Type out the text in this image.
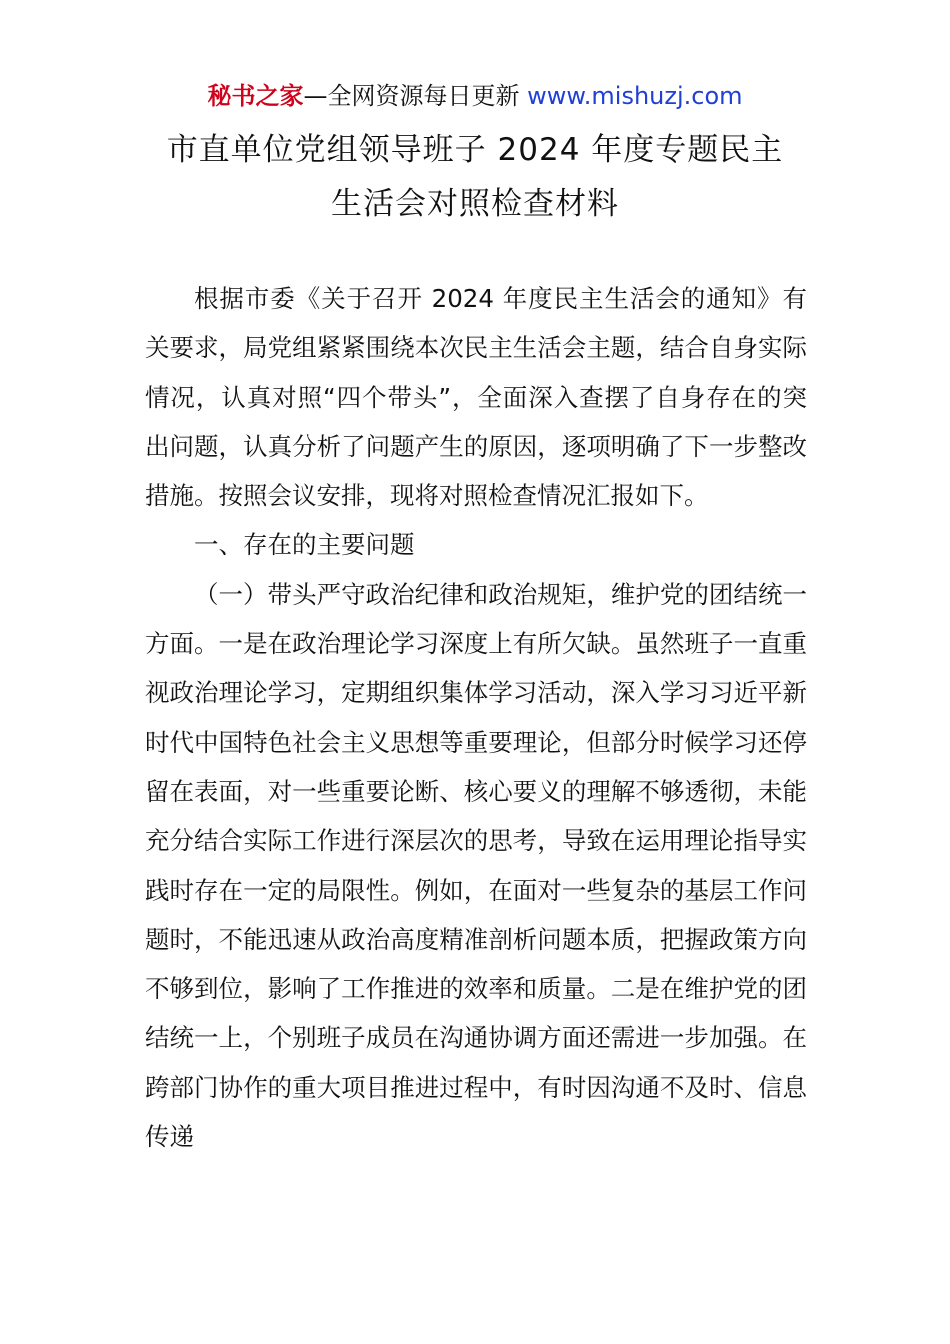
秘书之家—全网资源每日更新 www.mishuzj.com
市直单位党组领导班子 2024 年度专题民主
生活会对照检查材料

根据市委《关于召开 2024 年度民主生活会的通知》有关要求，局党组紧紧围绕本次民主生活会主题，结合自身实际情况，认真对照“四个带头”，全面深入查摆了自身存在的突出问题，认真分析了问题产生的原因，逐项明确了下一步整改措施。按照会议安排，现将对照检查情况汇报如下。

一、存在的主要问题

（一）带头严守政治纪律和政治规矩，维护党的团结统一方面。一是在政治理论学习深度上有所欠缺。虽然班子一直重视政治理论学习，定期组织集体学习活动，深入学习习近平新时代中国特色社会主义思想等重要理论，但部分时候学习还停留在表面，对一些重要论断、核心要义的理解不够透彻，未能充分结合实际工作进行深层次的思考，导致在运用理论指导实践时存在一定的局限性。例如，在面对一些复杂的基层工作问题时，不能迅速从政治高度精准剖析问题本质，把握政策方向不够到位，影响了工作推进的效率和质量。二是在维护党的团结统一上，个别班子成员在沟通协调方面还需进一步加强。在跨部门协作的重大项目推进过程中，有时因沟通不及时、信息传递
